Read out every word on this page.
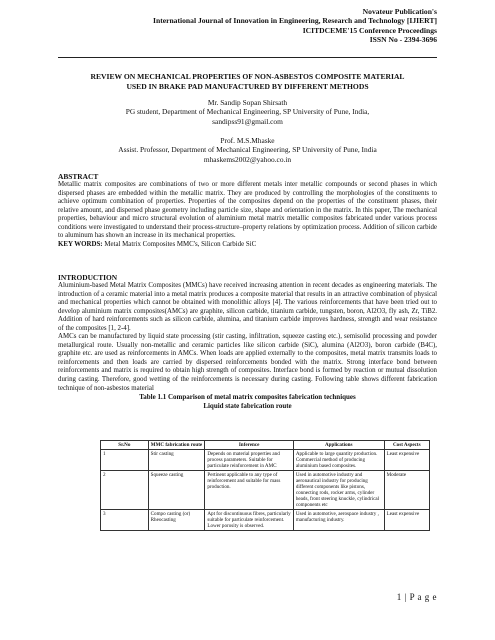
Novateur Publication's
International Journal of Innovation in Engineering, Research and Technology [IJIERT]
ICITDCEME'15 Conference Proceedings
ISSN No - 2394-3696
REVIEW ON MECHANICAL PROPERTIES OF NON-ASBESTOS COMPOSITE MATERIAL
USED IN BRAKE PAD MANUFACTURED BY DIFFERENT METHODS
Mr. Sandip Sopan Shirsath
PG student, Department of Mechanical Engineering, SP University of Pune, India,
sandipss91@gmail.com
Prof. M.S.Mhaske
Assist. Professor, Department of Mechanical Engineering, SP University of Pune, India
mhaskems2002@yahoo.co.in
ABSTRACT
Metallic matrix composites are combinations of two or more different metals inter metallic compounds or second phases in which dispersed phases are embedded within the metallic matrix. They are produced by controlling the morphologies of the constituents to achieve optimum combination of properties. Properties of the composites depend on the properties of the constituent phases, their relative amount, and dispersed phase geometry including particle size, shape and orientation in the matrix. In this paper, The mechanical properties, behaviour and micro structural evolution of aluminium metal matrix metallic composites fabricated under various process conditions were investigated to understand their process-structure–property relations by optimization process. Addition of silicon carbide to aluminum has shown an increase in its mechanical properties.
KEY WORDS: Metal Matrix Composites MMC's, Silicon Carbide SiC
INTRODUCTION
Aluminium-based Metal Matrix Composites (MMCs) have received increasing attention in recent decades as engineering materials. The introduction of a ceramic material into a metal matrix produces a composite material that results in an attractive combination of physical and mechanical properties which cannot be obtained with monolithic alloys [4]. The various reinforcements that have been tried out to develop aluminium matrix composites(AMCs) are graphite, silicon carbide, titanium carbide, tungsten, boron, Al2O3, fly ash, Zr, TiB2. Addition of hard reinforcements such as silicon carbide, alumina, and titanium carbide improves hardness, strength and wear resistance of the composites [1, 2-4].
AMCs can be manufactured by liquid state processing (stir casting, infiltration, squeeze casting etc.), semisolid processing and powder metallurgical route. Usually non-metallic and ceramic particles like silicon carbide (SiC), alumina (Al2O3), boron carbide (B4C), graphite etc. are used as reinforcements in AMCs. When loads are applied externally to the composites, metal matrix transmits loads to reinforcements and then loads are carried by dispersed reinforcements bonded with the matrix. Strong interface bond between reinforcements and matrix is required to obtain high strength of composites. Interface bond is formed by reaction or mutual dissolution during casting. Therefore, good wetting of the reinforcements is necessary during casting. Following table shows different fabrication technique of non-asbestos material
Table 1.1 Comparison of metal matrix composites fabrication techniques
Liquid state fabrication route
Sr.No	MMC fabrication route	Inference	Applications	Cost Aspects
1	Stir casting	Depends on material properties and process parameters. Suitable for particulate reinforcement in AMC	Applicable to large quantity production. Commercial method of producing aluminium based composites.	Least expensive
2	Squeeze casting	Pertinent applicable to any type of reinforcement and suitable for mass production.	Used in automotive industry and aeronautical industry for producing different components like pistons, connecting rods, rocker arms, cylinder heads, front steering knuckle, cylindrical components etc	Moderate
3	Compo casting (or) Rheocasting	Apt for discontinuous fibres, particularly suitable for particulate reinforcement. Lower porosity is observed.	Used in automotive, aerospace industry , manufacturing industry.	Least expensive
1 | P a g e
